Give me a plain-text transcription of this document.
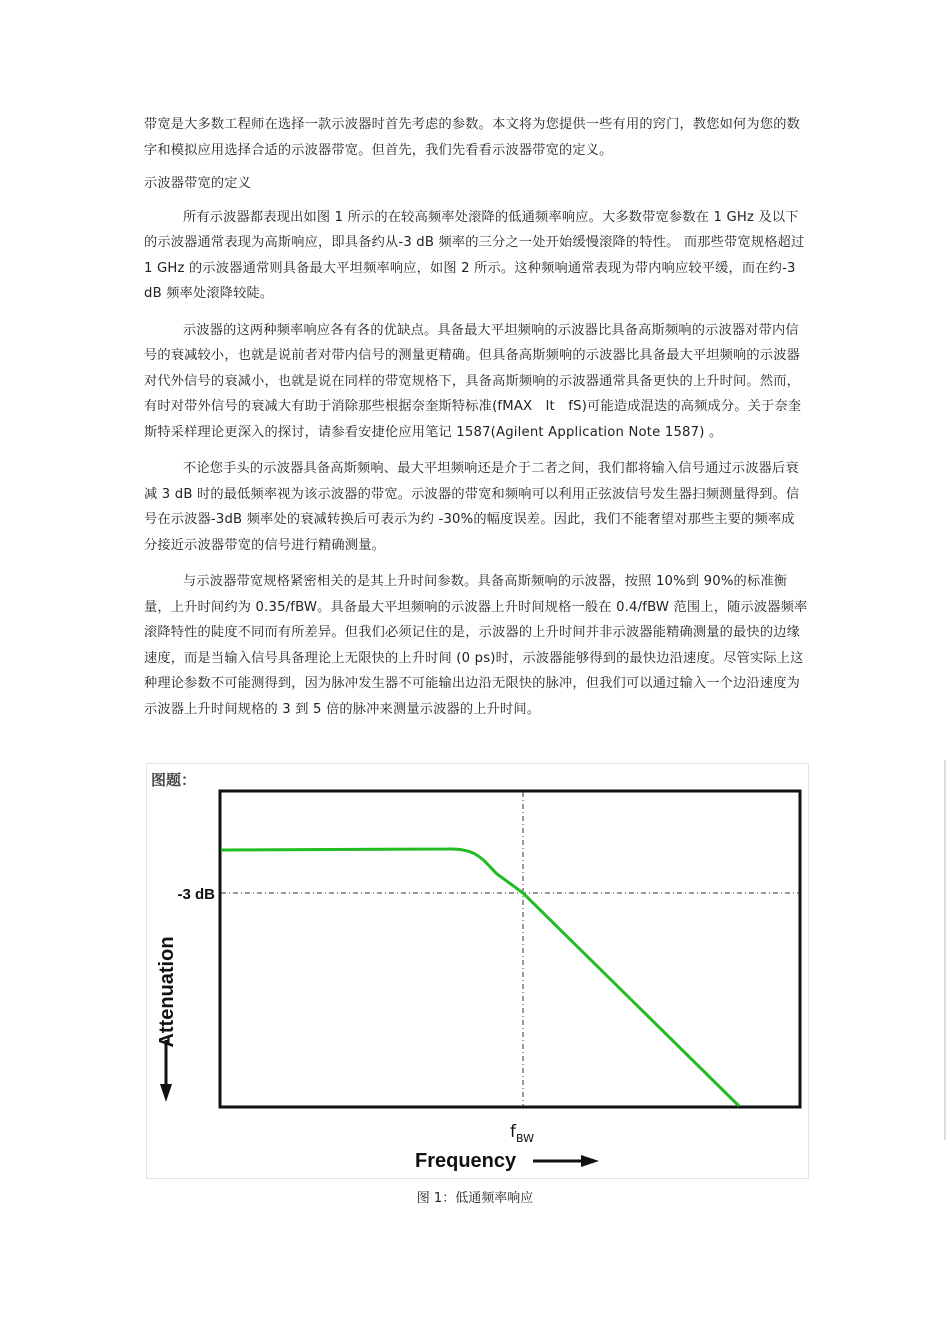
带宽是大多数工程师在选择一款示波器时首先考虑的参数。本文将为您提供一些有用的窍门，教您如何为您的数字和模拟应用选择合适的示波器带宽。但首先，我们先看看示波器带宽的定义。

示波器带宽的定义

所有示波器都表现出如图 1 所示的在较高频率处滚降的低通频率响应。大多数带宽参数在 1 GHz 及以下的示波器通常表现为高斯响应，即具备约从-3 dB 频率的三分之一处开始缓慢滚降的特性。 而那些带宽规格超过 1 GHz 的示波器通常则具备最大平坦频率响应，如图 2 所示。这种频响通常表现为带内响应较平缓，而在约-3 dB 频率处滚降较陡。

示波器的这两种频率响应各有各的优缺点。具备最大平坦频响的示波器比具备高斯频响的示波器对带内信号的衰减较小，也就是说前者对带内信号的测量更精确。但具备高斯频响的示波器比具备最大平坦频响的示波器对代外信号的衰减小，也就是说在同样的带宽规格下，具备高斯频响的示波器通常具备更快的上升时间。然而，有时对带外信号的衰减大有助于消除那些根据奈奎斯特标准(fMAX　lt　fS)可能造成混迭的高频成分。关于奈奎斯特采样理论更深入的探讨，请参看安捷伦应用笔记 1587(Agilent Application Note 1587) 。

不论您手头的示波器具备高斯频响、最大平坦频响还是介于二者之间，我们都将输入信号通过示波器后衰减 3 dB 时的最低频率视为该示波器的带宽。示波器的带宽和频响可以利用正弦波信号发生器扫频测量得到。信号在示波器-3dB 频率处的衰减转换后可表示为约 -30%的幅度误差。因此，我们不能奢望对那些主要的频率成分接近示波器带宽的信号进行精确测量。

与示波器带宽规格紧密相关的是其上升时间参数。具备高斯频响的示波器，按照 10%到 90%的标准衡量，上升时间约为 0.35/fBW。具备最大平坦频响的示波器上升时间规格一般在 0.4/fBW 范围上，随示波器频率滚降特性的陡度不同而有所差异。但我们必须记住的是，示波器的上升时间并非示波器能精确测量的最快的边缘速度，而是当输入信号具备理论上无限快的上升时间 (0 ps)时，示波器能够得到的最快边沿速度。尽管实际上这种理论参数不可能测得到，因为脉冲发生器不可能输出边沿无限快的脉冲，但我们可以通过输入一个边沿速度为示波器上升时间规格的 3 到 5 倍的脉冲来测量示波器的上升时间。

图题：
-3 dB
Attenuation
$f_{BW}$
Frequency
图 1：低通频率响应
